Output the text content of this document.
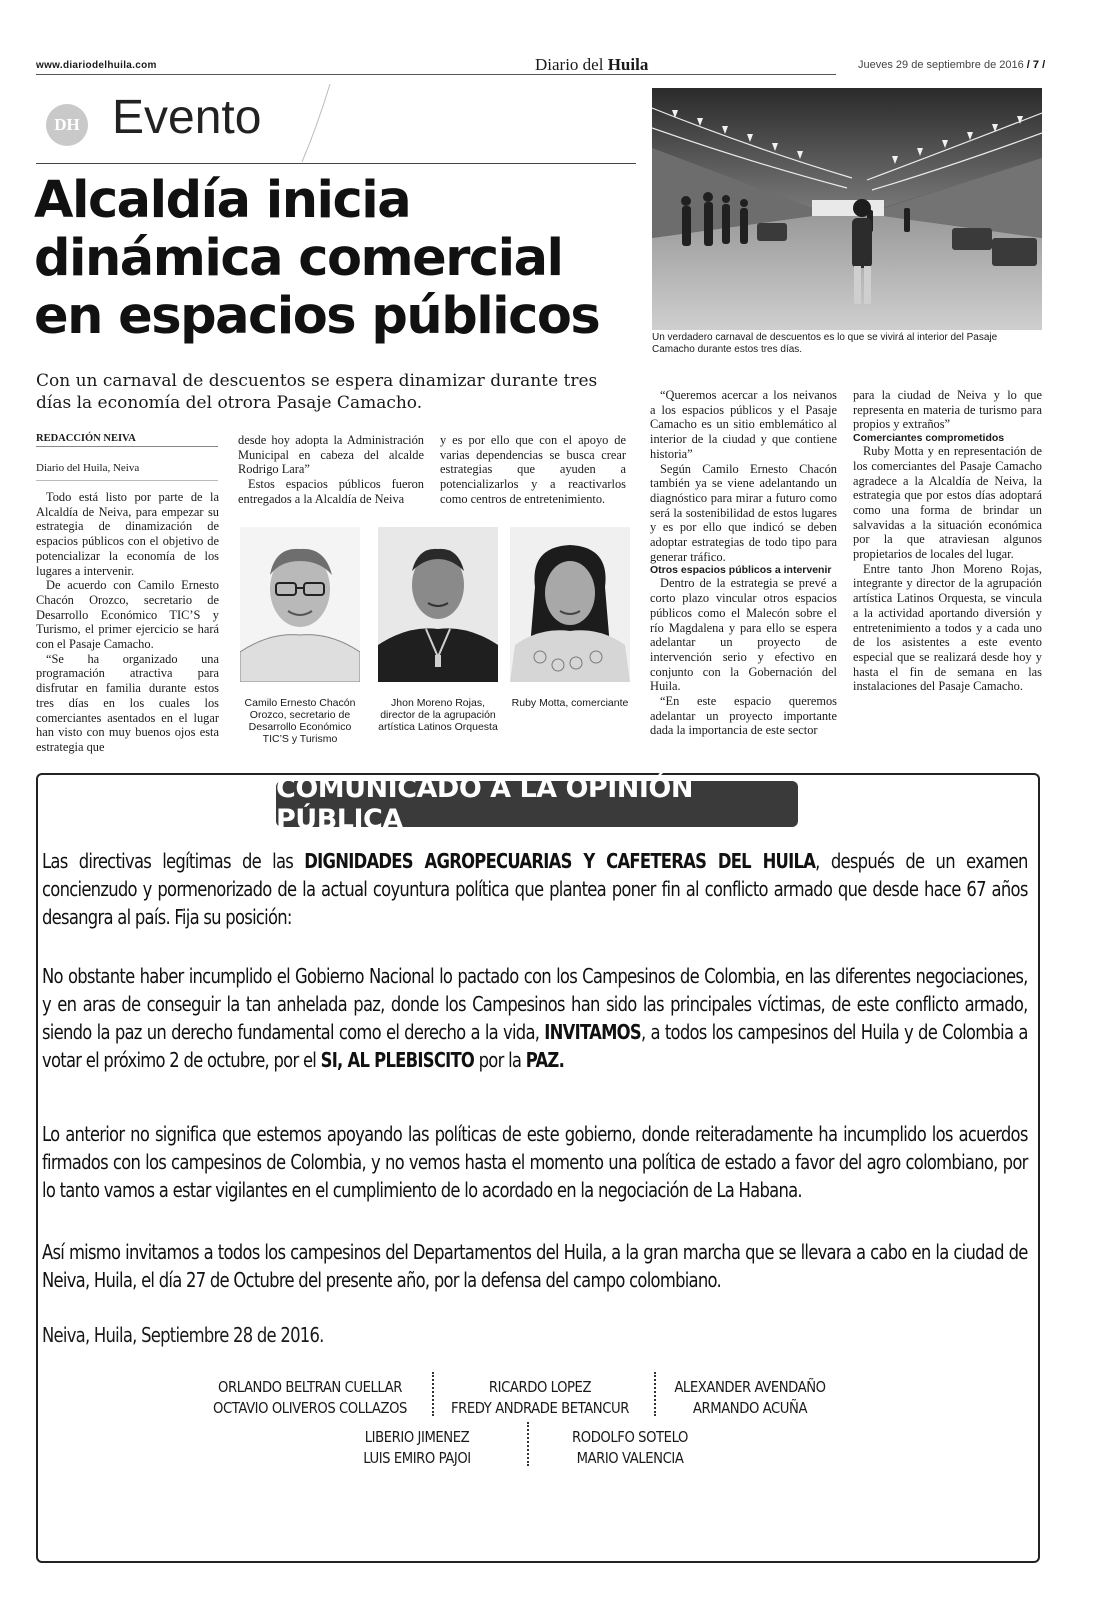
www.diariodelhuila.com	Diario del Huila	Jueves 29 de septiembre de 2016 / 7 /
DH Evento
Alcaldía inicia dinámica comercial en espacios públicos	Un verdadero carnaval de descuentos es lo que se vivirá al interior del Pasaje Camacho durante estos tres días.
Con un carnaval de descuentos se espera dinamizar durante tres días la economía del otrora Pasaje Camacho.
REDACCIÓN NEIVA
Diario del Huila, Neiva

Todo está listo por parte de la Alcaldía de Neiva, para empezar su estrategia de dinamización de espacios públicos con el objetivo de potencializar la economía de los lugares a intervenir.

De acuerdo con Camilo Ernesto Chacón Orozco, secretario de Desarrollo Económico TIC’S y Turismo, el primer ejercicio se hará con el Pasaje Camacho.

“Se ha organizado una programación atractiva para disfrutar en familia durante estos tres días en los cuales los comerciantes asentados en el lugar han visto con muy buenos ojos esta estrategia que

desde hoy adopta la Administración Municipal en cabeza del alcalde Rodrigo Lara”

Estos espacios públicos fueron entregados a la Alcaldía de Neiva

y es por ello que con el apoyo de varias dependencias se busca crear estrategias que ayuden a potencializarlos y a reactivarlos como centros de entretenimiento.

“Queremos acercar a los neivanos a los espacios públicos y el Pasaje Camacho es un sitio emblemático al interior de la ciudad y que contiene historia”

Según Camilo Ernesto Chacón también ya se viene adelantando un diagnóstico para mirar a futuro como será la sostenibilidad de estos lugares y es por ello que indicó se deben adoptar estrategias de todo tipo para generar tráfico.

Otros espacios públicos a intervenir

Dentro de la estrategia se prevé a corto plazo vincular otros espacios públicos como el Malecón sobre el río Magdalena y para ello se espera adelantar un proyecto de intervención serio y efectivo en conjunto con la Gobernación del Huila.

“En este espacio queremos adelantar un proyecto importante dada la importancia de este sector

para la ciudad de Neiva y lo que representa en materia de turismo para propios y extraños”

Comerciantes comprometidos

Ruby Motta y en representación de los comerciantes del Pasaje Camacho agradece a la Alcaldía de Neiva, la estrategia que por estos días adoptará como una forma de brindar un salvavidas a la situación económica por la que atraviesan algunos propietarios de locales del lugar.

Entre tanto Jhon Moreno Rojas, integrante y director de la agrupación artística Latinos Orquesta, se vincula a la actividad aportando diversión y entretenimiento a todos y a cada uno de los asistentes a este evento especial que se realizará desde hoy y hasta el fin de semana en las instalaciones del Pasaje Camacho.

Camilo Ernesto Chacón Orozco, secretario de Desarrollo Económico TIC’S y Turismo
Jhon Moreno Rojas, director de la agrupación artística Latinos Orquesta
Ruby Motta, comerciante
COMUNICADO A LA OPINIÓN PÚBLICA
Las directivas legítimas de las DIGNIDADES AGROPECUARIAS Y CAFETERAS DEL HUILA, después de un examen concienzudo y pormenorizado de la actual coyuntura política que plantea poner fin al conflicto armado que desde hace 67 años desangra al país. Fija su posición:
No obstante haber incumplido el Gobierno Nacional lo pactado con los Campesinos de Colombia, en las diferentes negociaciones, y en aras de conseguir la tan anhelada paz, donde los Campesinos han sido las principales víctimas, de este conflicto armado, siendo la paz un derecho fundamental como el derecho a la vida, INVITAMOS, a todos los campesinos del Huila y de Colombia a votar el próximo 2 de octubre, por el SI, AL PLEBISCITO por la PAZ.
Lo anterior no significa que estemos apoyando las políticas de este gobierno, donde reiteradamente ha incumplido los acuerdos firmados con los campesinos de Colombia, y no vemos hasta el momento una política de estado a favor del agro colombiano, por lo tanto vamos a estar vigilantes en el cumplimiento de lo acordado en la negociación de La Habana.
Así mismo invitamos a todos los campesinos del Departamentos del Huila, a la gran marcha que se llevara a cabo en la ciudad de Neiva, Huila, el día 27 de Octubre del presente año, por la defensa del campo colombiano.
Neiva, Huila, Septiembre 28 de 2016.
ORLANDO BELTRAN CUELLAR
OCTAVIO OLIVEROS COLLAZOS
RICARDO LOPEZ
FREDY ANDRADE BETANCUR
ALEXANDER AVENDAÑO
ARMANDO ACUÑA
LIBERIO JIMENEZ
LUIS EMIRO PAJOI
RODOLFO SOTELO
MARIO VALENCIA
